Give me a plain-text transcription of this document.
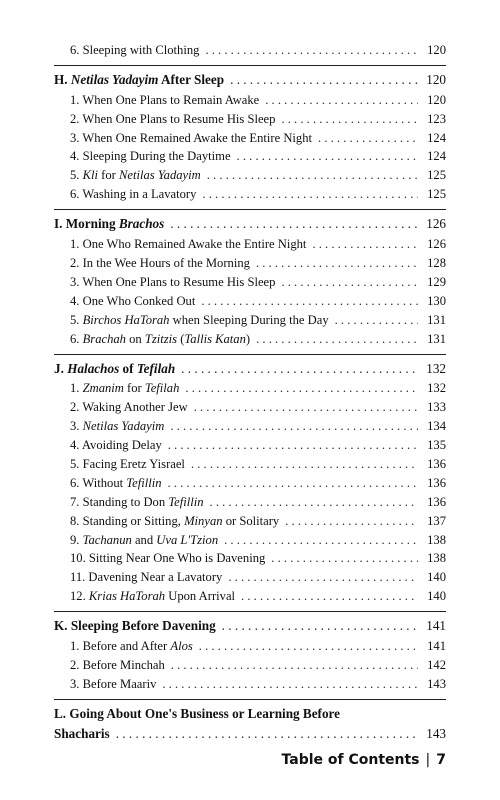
6. Sleeping with Clothing . . .	120
H. Netilas Yadayim After Sleep . . .	120
1. When One Plans to Remain Awake . . .	120
2. When One Plans to Resume His Sleep . . .	123
3. When One Remained Awake the Entire Night . . .	124
4. Sleeping During the Daytime . . .	124
5. Kli for Netilas Yadayim . . .	125
6. Washing in a Lavatory . . .	125
I. Morning Brachos . . .	126
1. One Who Remained Awake the Entire Night . . .	126
2. In the Wee Hours of the Morning . . .	128
3. When One Plans to Resume His Sleep . . .	129
4. One Who Conked Out . . .	130
5. Birchos HaTorah when Sleeping During the Day . . .	131
6. Brachah on Tzitzis (Tallis Katan) . . .	131
J. Halachos of Tefilah . . .	132
1. Zmanim for Tefilah . . .	132
2. Waking Another Jew . . .	133
3. Netilas Yadayim . . .	134
4. Avoiding Delay . . .	135
5. Facing Eretz Yisrael . . .	136
6. Without Tefillin . . .	136
7. Standing to Don Tefillin . . .	136
8. Standing or Sitting, Minyan or Solitary . . .	137
9. Tachanun and Uva L'Tzion . . .	138
10. Sitting Near One Who is Davening . . .	138
11. Davening Near a Lavatory . . .	140
12. Krias HaTorah Upon Arrival . . .	140
K. Sleeping Before Davening . . .	141
1. Before and After Alos . . .	141
2. Before Minchah . . .	142
3. Before Maariv . . .	143
L. Going About One's Business or Learning Before
Shacharis . . .	143
Table of Contents | 7
